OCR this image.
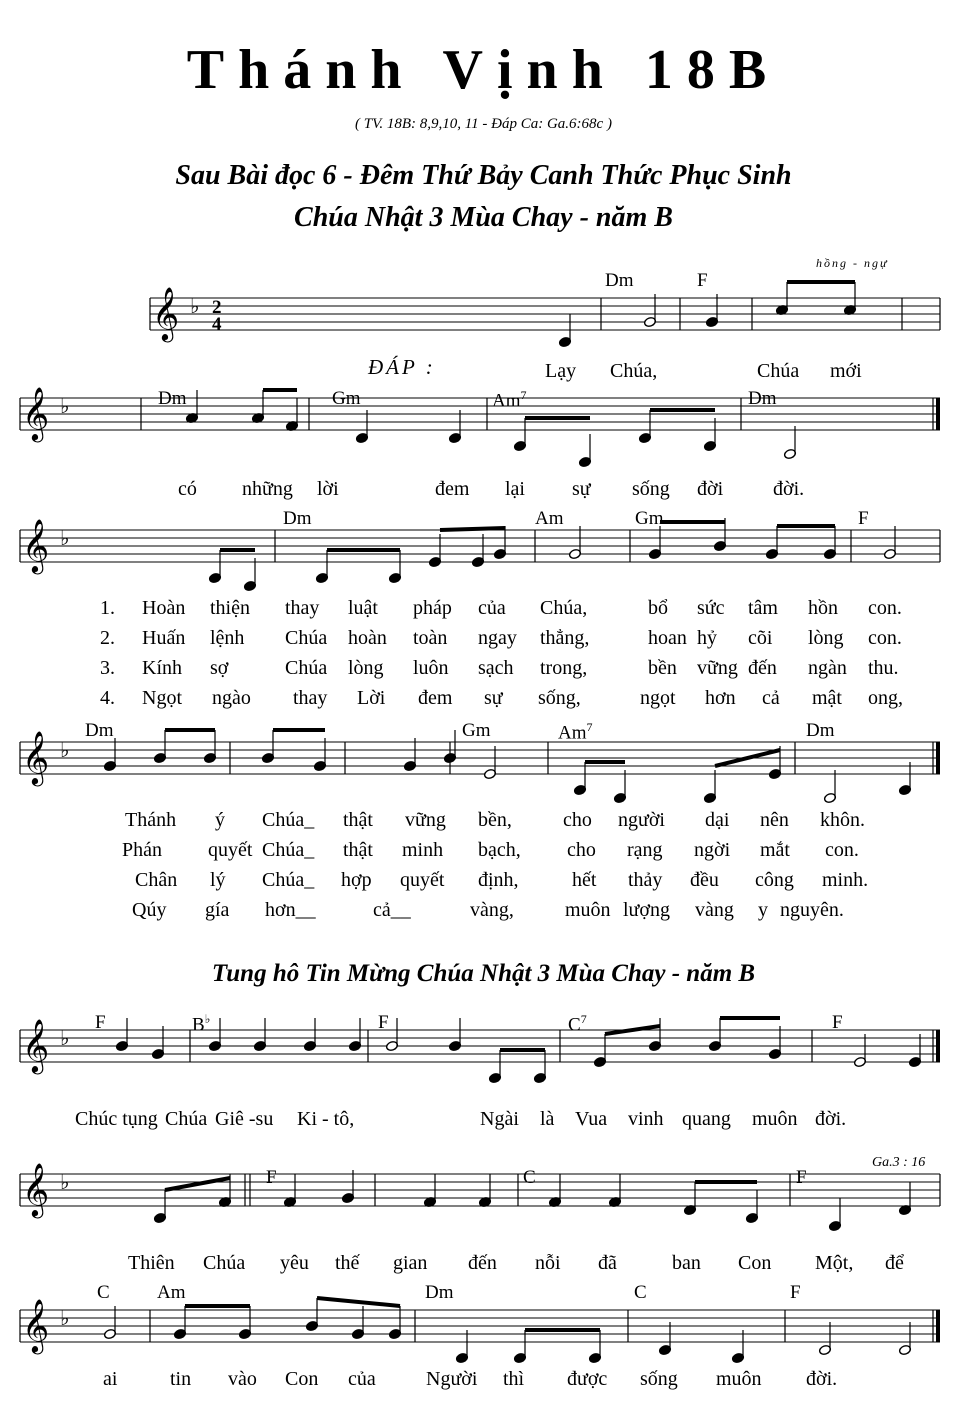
Thánh Vịnh 18B
( TV. 18B: 8,9,10, 11 - Đáp Ca: Ga.6:68c )
Sau Bài đọc 6 - Đêm Thứ Bảy Canh Thức Phục Sinh
Chúa Nhật 3 Mùa Chay - năm B
hồng - ngự
𝄞 ♭ 2
4
𝄞 ♭
𝄞 ♭
𝄞 ♭
𝄞 ♭
𝄞 ♭
𝄞 ♭
ĐÁP :	Lạy Chúa,	Chúa mới
Dm	F
có những lời	đem lại sự sống đời đời.
Dm	Gm	Am$^7$	Dm
Dm	Am	Gm	F
1.
2.
3.
4.
Hoàn thiện thay luật pháp của Chúa,	bổ sức tâm hồn con.
Huấn lệnh Chúa hoàn toàn ngay thẳng,	hoan hỷ cõi lòng con.
Kính sợ	Chúa lòng luôn sạch trong,	bền vững đến ngàn thu.
Ngọt ngào thay Lời đem sự sống,	ngọt hơn cả mật ong,
Dm	Gm	Am$^7$	Dm
Thánh ý Chúa_ thật vững bền,	cho người dại nên khôn.
Phán quyết Chúa_ thật minh bạch, cho rạng ngời mắt con.
Chân lý Chúa_ hợp quyết định,	hết thảy đều công minh.
Qúy gía hơn__	cả__	vàng,	muôn lượng vàng y nguyên.
Tung hô Tin Mừng Chúa Nhật 3 Mùa Chay - năm B
Ga.3 : 16
F	B♭	F	$C^7$	F
Chúc tụng Chúa Giê -su Ki - tô,	Ngài là Vua vinh quang muôn đời.
F	C	F
Thiên Chúa yêu thế gian đến nỗi đã	ban Con Một, để
C Am	Dm	C	F
ai	tin vào Con của	Người thì được sống muôn đời.
